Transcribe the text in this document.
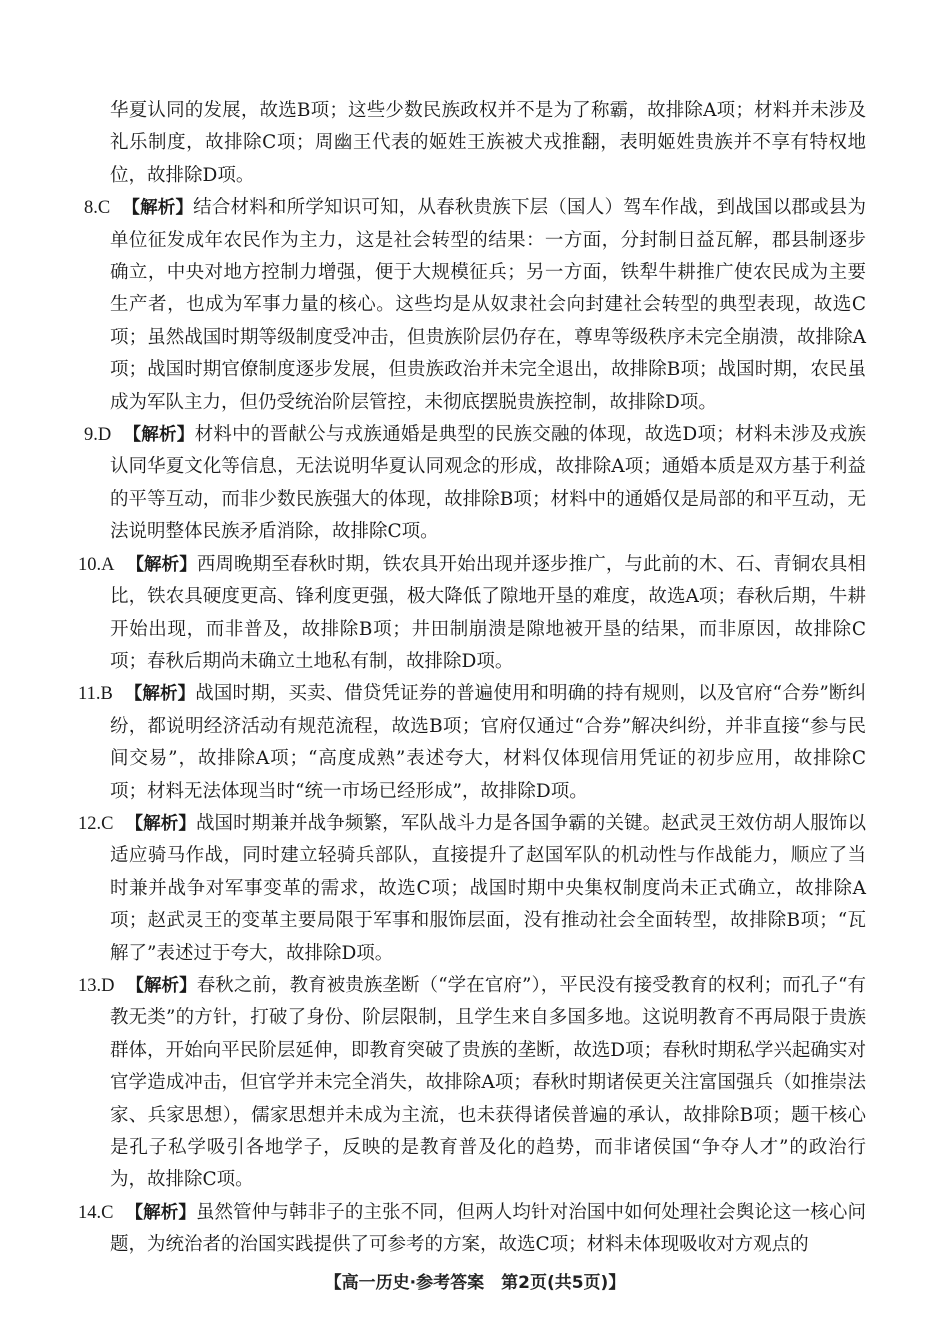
华夏认同的发展，故选B项；这些少数民族政权并不是为了称霸，故排除A项；材料并未涉及礼乐制度，故排除C项；周幽王代表的姬姓王族被犬戎推翻，表明姬姓贵族并不享有特权地位，故排除D项。

8.C 【解析】结合材料和所学知识可知，从春秋贵族下层（国人）驾车作战，到战国以郡或县为单位征发成年农民作为主力，这是社会转型的结果：一方面，分封制日益瓦解，郡县制逐步确立，中央对地方控制力增强，便于大规模征兵；另一方面，铁犁牛耕推广使农民成为主要生产者，也成为军事力量的核心。这些均是从奴隶社会向封建社会转型的典型表现，故选C项；虽然战国时期等级制度受冲击，但贵族阶层仍存在，尊卑等级秩序未完全崩溃，故排除A项；战国时期官僚制度逐步发展，但贵族政治并未完全退出，故排除B项；战国时期，农民虽成为军队主力，但仍受统治阶层管控，未彻底摆脱贵族控制，故排除D项。

9.D 【解析】材料中的晋献公与戎族通婚是典型的民族交融的体现，故选D项；材料未涉及戎族认同华夏文化等信息，无法说明华夏认同观念的形成，故排除A项；通婚本质是双方基于利益的平等互动，而非少数民族强大的体现，故排除B项；材料中的通婚仅是局部的和平互动，无法说明整体民族矛盾消除，故排除C项。

10.A 【解析】西周晚期至春秋时期，铁农具开始出现并逐步推广，与此前的木、石、青铜农具相比，铁农具硬度更高、锋利度更强，极大降低了隙地开垦的难度，故选A项；春秋后期，牛耕开始出现，而非普及，故排除B项；井田制崩溃是隙地被开垦的结果，而非原因，故排除C项；春秋后期尚未确立土地私有制，故排除D项。

11.B 【解析】战国时期，买卖、借贷凭证券的普遍使用和明确的持有规则，以及官府“合券”断纠纷，都说明经济活动有规范流程，故选B项；官府仅通过“合券”解决纠纷，并非直接“参与民间交易”，故排除A项；“高度成熟”表述夸大，材料仅体现信用凭证的初步应用，故排除C项；材料无法体现当时“统一市场已经形成”，故排除D项。

12.C 【解析】战国时期兼并战争频繁，军队战斗力是各国争霸的关键。赵武灵王效仿胡人服饰以适应骑马作战，同时建立轻骑兵部队，直接提升了赵国军队的机动性与作战能力，顺应了当时兼并战争对军事变革的需求，故选C项；战国时期中央集权制度尚未正式确立，故排除A项；赵武灵王的变革主要局限于军事和服饰层面，没有推动社会全面转型，故排除B项；“瓦解了”表述过于夸大，故排除D项。

13.D 【解析】春秋之前，教育被贵族垄断（“学在官府”），平民没有接受教育的权利；而孔子“有教无类”的方针，打破了身份、阶层限制，且学生来自多国多地。这说明教育不再局限于贵族群体，开始向平民阶层延伸，即教育突破了贵族的垄断，故选D项；春秋时期私学兴起确实对官学造成冲击，但官学并未完全消失，故排除A项；春秋时期诸侯更关注富国强兵（如推崇法家、兵家思想），儒家思想并未成为主流，也未获得诸侯普遍的承认，故排除B项；题干核心是孔子私学吸引各地学子，反映的是教育普及化的趋势，而非诸侯国“争夺人才”的政治行为，故排除C项。

14.C 【解析】虽然管仲与韩非子的主张不同，但两人均针对治国中如何处理社会舆论这一核心问题，为统治者的治国实践提供了可参考的方案，故选C项；材料未体现吸收对方观点的

【高一历史·参考答案　第2页(共5页)】
